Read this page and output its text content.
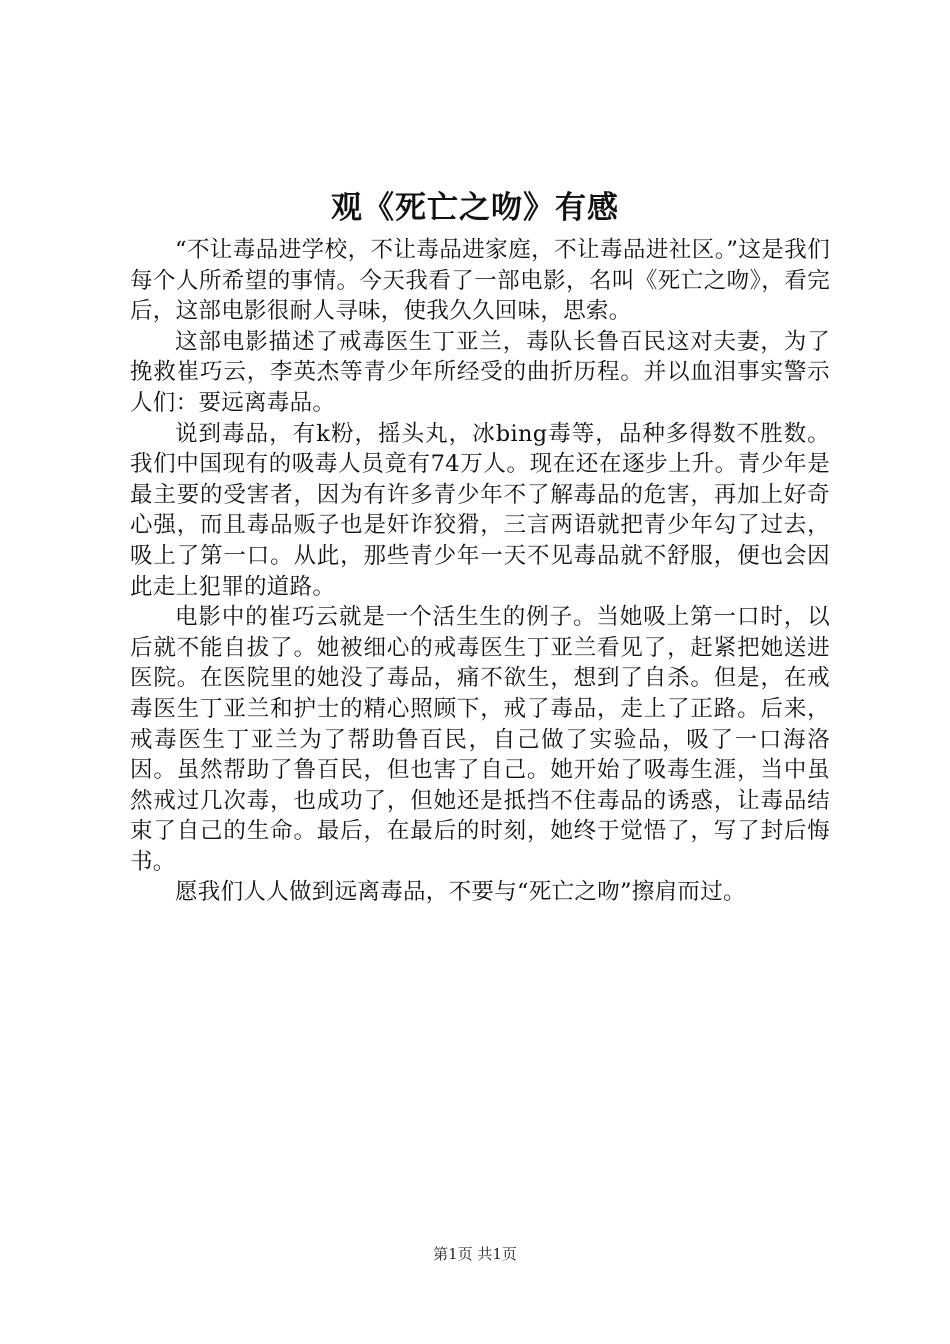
观《死亡之吻》有感

“不让毒品进学校，不让毒品进家庭，不让毒品进社区。”这是我们每个人所希望的事情。今天我看了一部电影，名叫《死亡之吻》，看完后，这部电影很耐人寻味，使我久久回味，思索。

这部电影描述了戒毒医生丁亚兰，毒队长鲁百民这对夫妻，为了挽救崔巧云，李英杰等青少年所经受的曲折历程。并以血泪事实警示人们：要远离毒品。

说到毒品，有k粉，摇头丸，冰bing毒等，品种多得数不胜数。我们中国现有的吸毒人员竟有74万人。现在还在逐步上升。青少年是最主要的受害者，因为有许多青少年不了解毒品的危害，再加上好奇心强，而且毒品贩子也是奸诈狡猾，三言两语就把青少年勾了过去，吸上了第一口。从此，那些青少年一天不见毒品就不舒服，便也会因此走上犯罪的道路。

电影中的崔巧云就是一个活生生的例子。当她吸上第一口时，以后就不能自拔了。她被细心的戒毒医生丁亚兰看见了，赶紧把她送进医院。在医院里的她没了毒品，痛不欲生，想到了自杀。但是，在戒毒医生丁亚兰和护士的精心照顾下，戒了毒品，走上了正路。后来，戒毒医生丁亚兰为了帮助鲁百民，自己做了实验品，吸了一口海洛因。虽然帮助了鲁百民，但也害了自己。她开始了吸毒生涯，当中虽然戒过几次毒，也成功了，但她还是抵挡不住毒品的诱惑，让毒品结束了自己的生命。最后，在最后的时刻，她终于觉悟了，写了封后悔书。

愿我们人人做到远离毒品，不要与“死亡之吻”擦肩而过。

第1页 共1页
